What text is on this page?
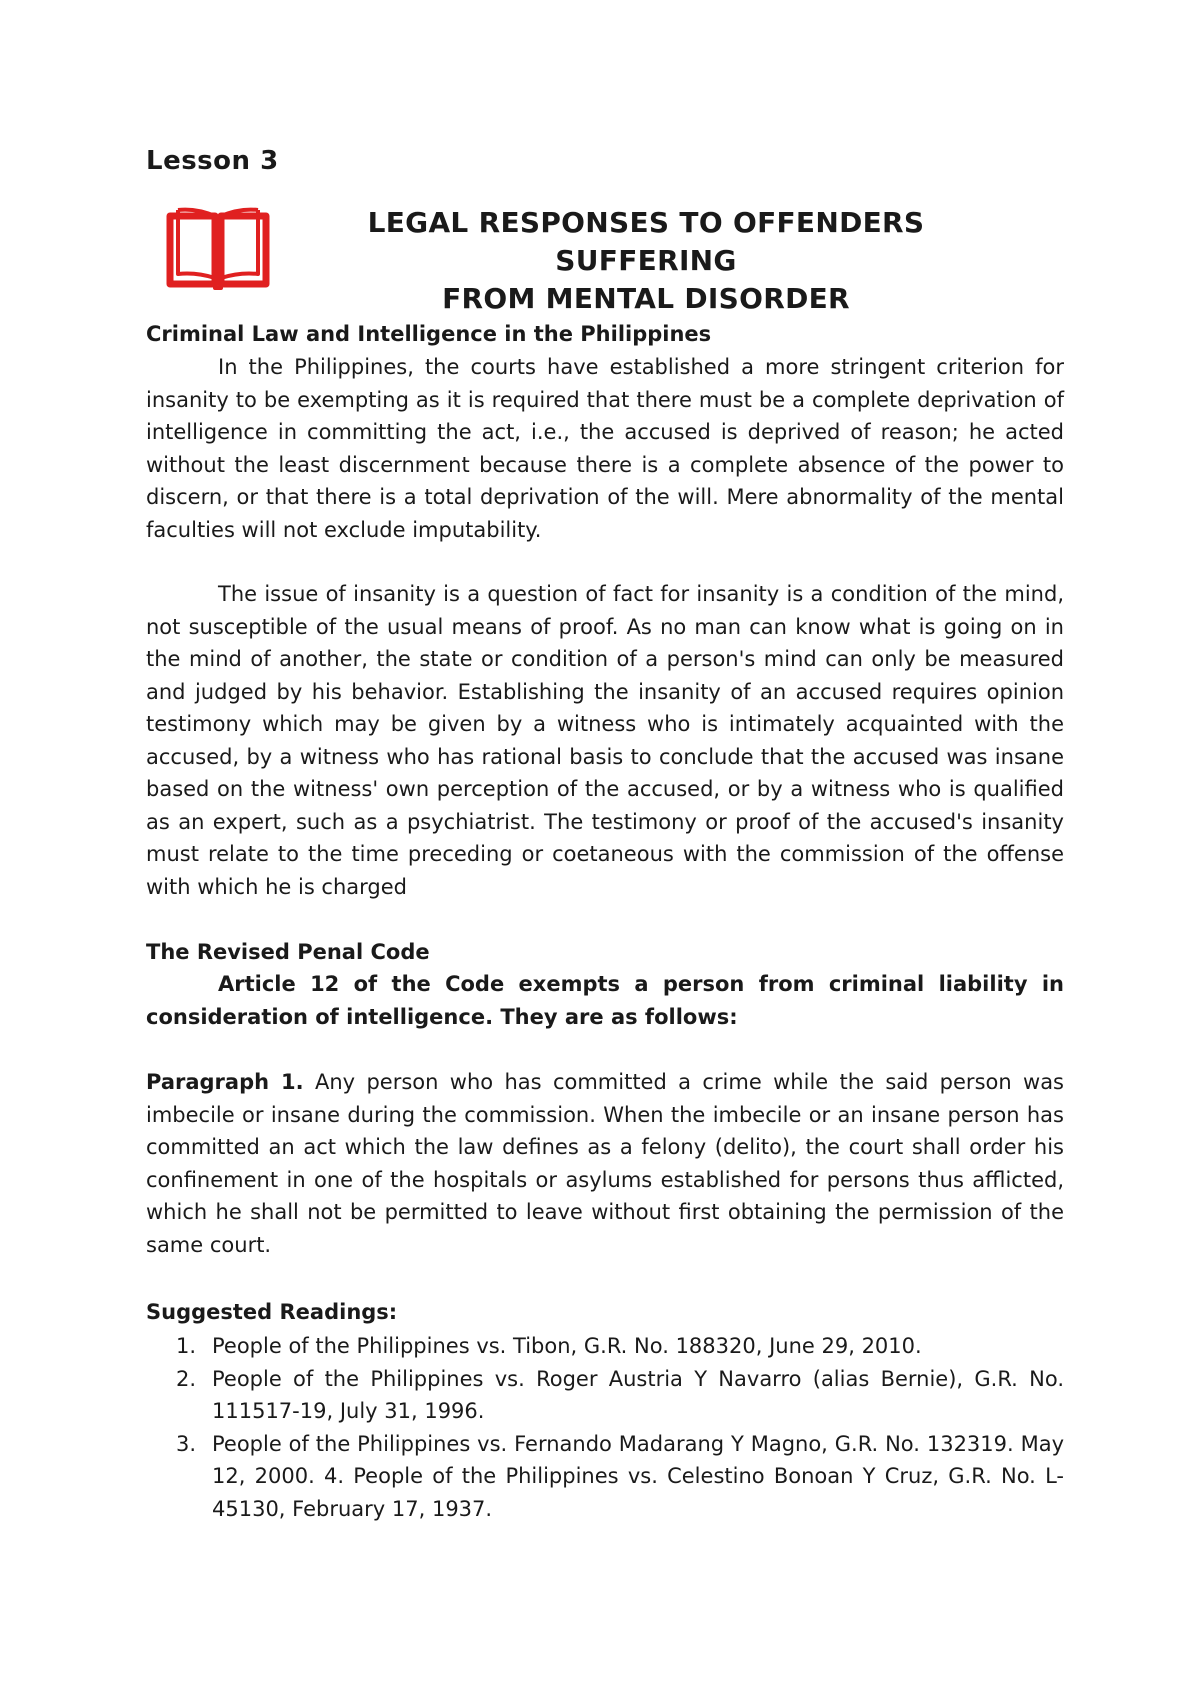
Lesson 3
LEGAL RESPONSES TO OFFENDERS SUFFERING
FROM MENTAL DISORDER
Criminal Law and Intelligence in the Philippines

In the Philippines, the courts have established a more stringent criterion for insanity to be exempting as it is required that there must be a complete deprivation of intelligence in committing the act, i.e., the accused is deprived of reason; he acted without the least discernment because there is a complete absence of the power to discern, or that there is a total deprivation of the will. Mere abnormality of the mental faculties will not exclude imputability.

The issue of insanity is a question of fact for insanity is a condition of the mind, not susceptible of the usual means of proof. As no man can know what is going on in the mind of another, the state or condition of a person's mind can only be measured and judged by his behavior. Establishing the insanity of an accused requires opinion testimony which may be given by a witness who is intimately acquainted with the accused, by a witness who has rational basis to conclude that the accused was insane based on the witness' own perception of the accused, or by a witness who is qualified as an expert, such as a psychiatrist. The testimony or proof of the accused's insanity must relate to the time preceding or coetaneous with the commission of the offense with which he is charged

The Revised Penal Code

Article 12 of the Code exempts a person from criminal liability in consideration of intelligence. They are as follows:

Paragraph 1. Any person who has committed a crime while the said person was imbecile or insane during the commission. When the imbecile or an insane person has committed an act which the law defines as a felony (delito), the court shall order his confinement in one of the hospitals or asylums established for persons thus afflicted, which he shall not be permitted to leave without first obtaining the permission of the same court.

Suggested Readings:
1. People of the Philippines vs. Tibon, G.R. No. 188320, June 29, 2010.
2. People of the Philippines vs. Roger Austria Y Navarro (alias Bernie), G.R. No. 111517-19, July 31, 1996.
3. People of the Philippines vs. Fernando Madarang Y Magno, G.R. No. 132319. May 12, 2000. 4. People of the Philippines vs. Celestino Bonoan Y Cruz, G.R. No. L-45130, February 17, 1937.
